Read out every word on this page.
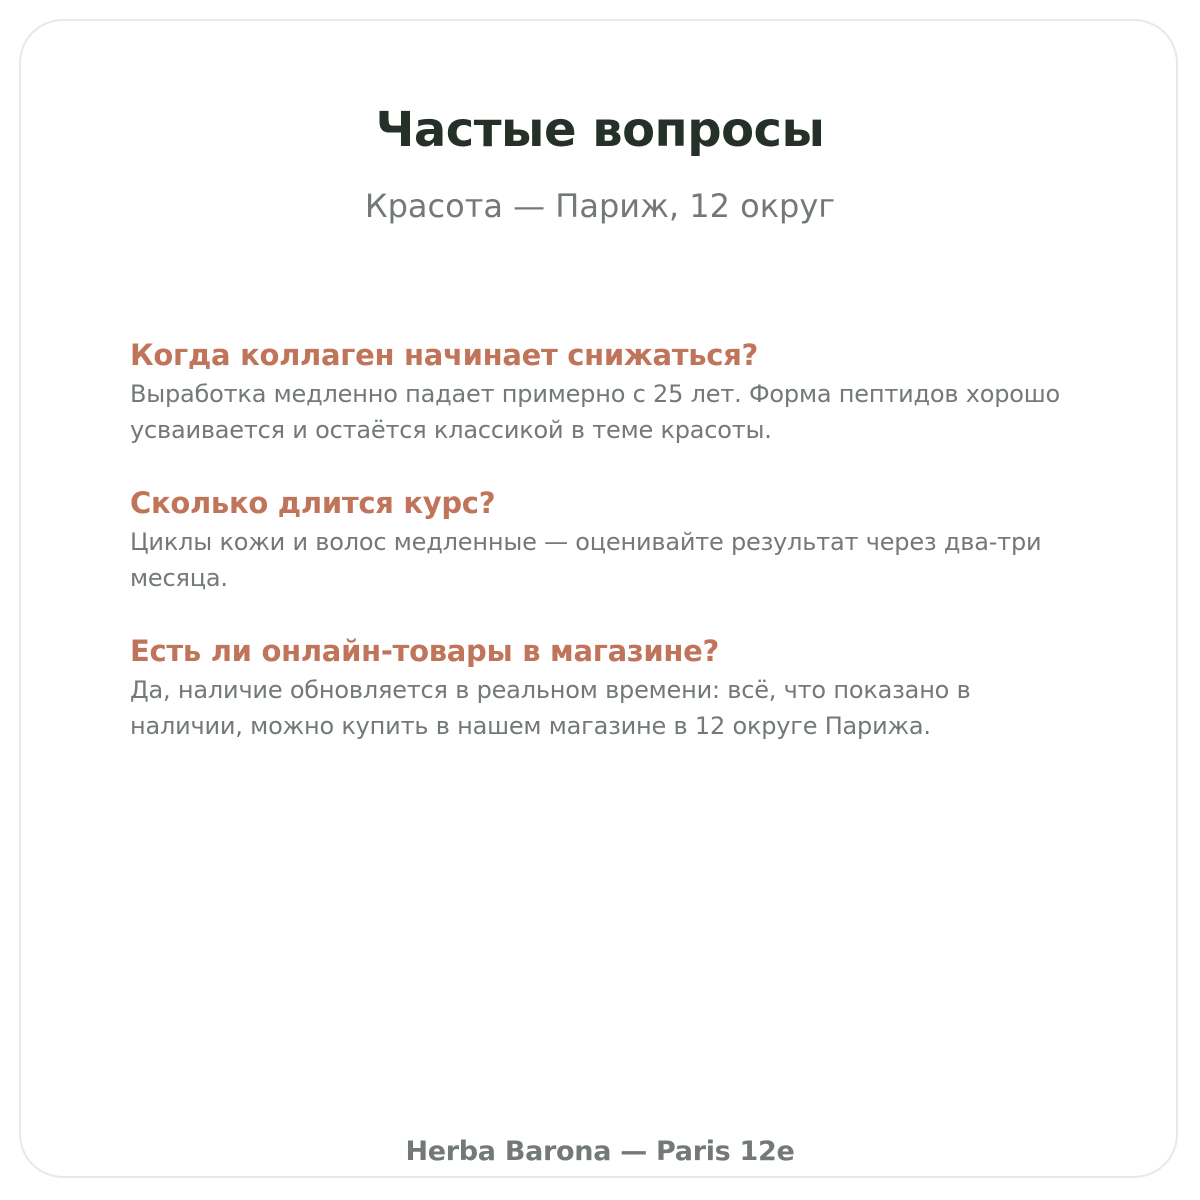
Частые вопросы

Красота — Париж, 12 округ

Когда коллаген начинает снижаться?

Выработка медленно падает примерно с 25 лет. Форма пептидов хорошо усваивается и остаётся классикой в теме красоты.

Сколько длится курс?

Циклы кожи и волос медленные — оценивайте результат через два-три месяца.

Есть ли онлайн-товары в магазине?

Да, наличие обновляется в реальном времени: всё, что показано в наличии, можно купить в нашем магазине в 12 округе Парижа.

Herba Barona — Paris 12e
